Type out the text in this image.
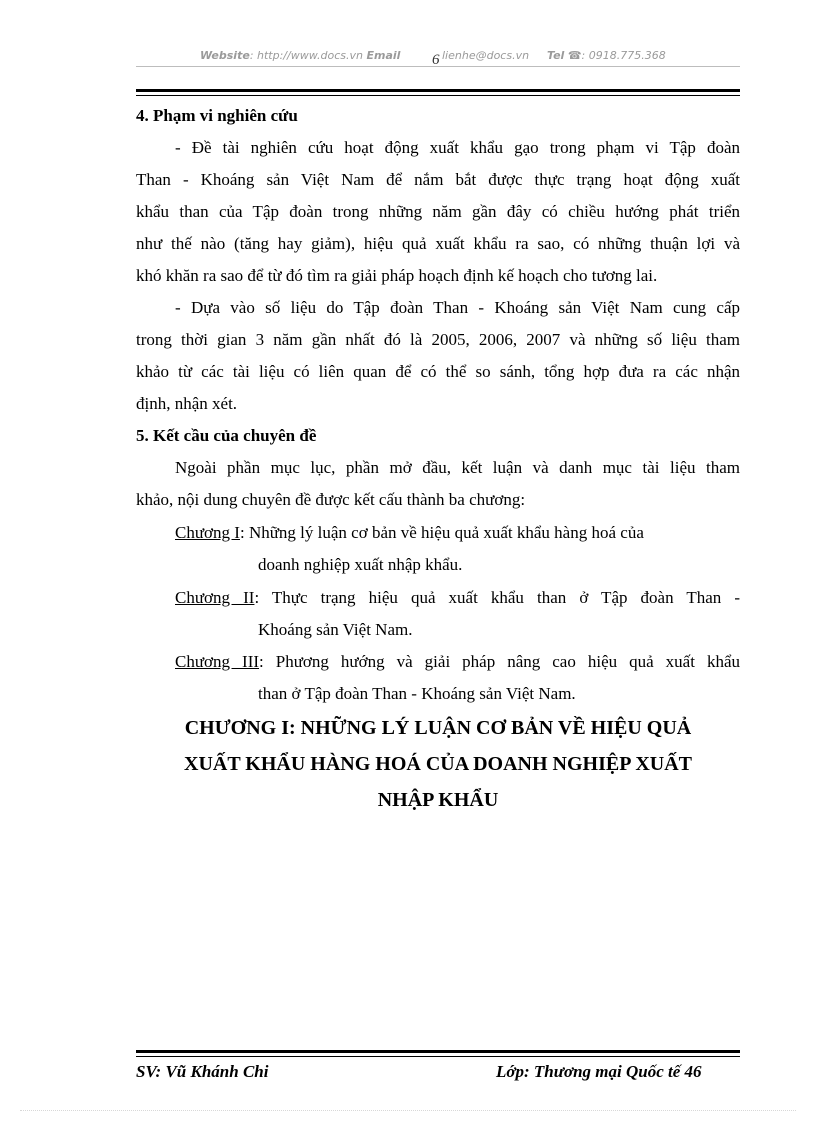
Website: http://www.docs.vn Email 6 lienhe@docs.vn Tel ☎: 0918.775.368
4. Phạm vi nghiên cứu
- Đề tài nghiên cứu hoạt động xuất khẩu gạo trong phạm vi Tập đoàn
Than - Khoáng sản Việt Nam để nắm bắt được thực trạng hoạt động xuất
khẩu than của Tập đoàn trong những năm gần đây có chiều hướng phát triển
như thế nào (tăng hay giảm), hiệu quả xuất khẩu ra sao, có những thuận lợi và
khó khăn ra sao để từ đó tìm ra giải pháp hoạch định kế hoạch cho tương lai.
- Dựa vào số liệu do Tập đoàn Than - Khoáng sản Việt Nam cung cấp
trong thời gian 3 năm gần nhất đó là 2005, 2006, 2007 và những số liệu tham
khảo từ các tài liệu có liên quan để có thể so sánh, tổng hợp đưa ra các nhận
định, nhận xét.
5. Kết cầu của chuyên đề
Ngoài phần mục lục, phần mở đầu, kết luận và danh mục tài liệu tham
khảo, nội dung chuyên đề được kết cấu thành ba chương:
Chương I: Những lý luận cơ bản về hiệu quả xuất khẩu hàng hoá của
doanh nghiệp xuất nhập khẩu.
Chương II: Thực trạng hiệu quả xuất khẩu than ở Tập đoàn Than -
Khoáng sản Việt Nam.
Chương III: Phương hướng và giải pháp nâng cao hiệu quả xuất khẩu
than ở Tập đoàn Than - Khoáng sản Việt Nam.
CHƯƠNG I: NHỮNG LÝ LUẬN CƠ BẢN VỀ HIỆU QUẢ
XUẤT KHẨU HÀNG HOÁ CỦA DOANH NGHIỆP XUẤT
NHẬP KHẨU
SV: Vũ Khánh Chi	Lớp: Thương mại Quốc tế 46
